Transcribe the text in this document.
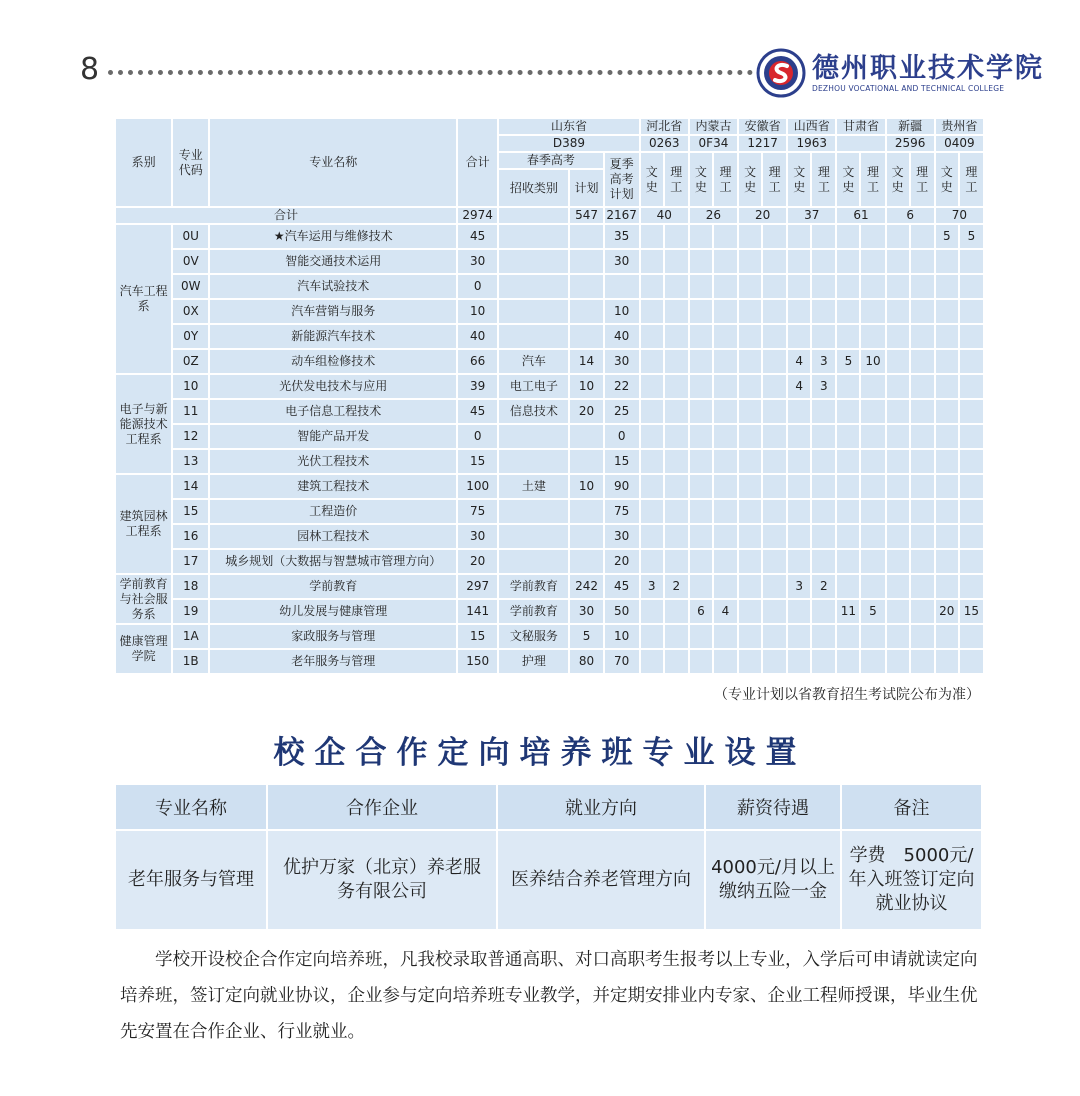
8	德州职业技术学院
DEZHOU VOCATIONAL AND TECHNICAL COLLEGE
系别	专业代码	专业名称	合计	山东省			河北省		内蒙古		安徽省		山西省		甘肃省		新疆		贵州省	
				D389			0263		0F34		1217		1963				2596		0409	
				春季高考		夏季高考计划	文史	理工	文史	理工	文史	理工	文史	理工	文史	理工	文史	理工	文史	理工
				招收类别	计划															
合计			2974		547	2167	40		26		20		37		61		6		70	
汽车工程系	0U	★汽车运用与维修技术	45			35													5	5
	0V	智能交通技术运用	30			30														
	0W	汽车试验技术	0																	
	0X	汽车营销与服务	10			10														
	0Y	新能源汽车技术	40			40														
	0Z	动车组检修技术	66	汽车	14	30							4	3	5	10				
电子与新能源技术工程系	10	光伏发电技术与应用	39	电工电子	10	22							4	3						
	11	电子信息工程技术	45	信息技术	20	25														
	12	智能产品开发	0			0														
	13	光伏工程技术	15			15														
建筑园林工程系	14	建筑工程技术	100	土建	10	90														
	15	工程造价	75			75														
	16	园林工程技术	30			30														
	17	城乡规划（大数据与智慧城市管理方向）	20			20														
学前教育与社会服务系	18	学前教育	297	学前教育	242	45	3	2					3	2						
	19	幼儿发展与健康管理	141	学前教育	30	50			6	4					11	5			20	15
健康管理学院	1A	家政服务与管理	15	文秘服务	5	10														
	1B	老年服务与管理	150	护理	80	70														
（专业计划以省教育招生考试院公布为准）
校企合作定向培养班专业设置
专业名称	合作企业	就业方向	薪资待遇	备注
老年服务与管理	优护万家（北京）养老服务有限公司	医养结合养老管理方向	4000元/月以上缴纳五险一金	学费　5000元/年入班签订定向就业协议

学校开设校企合作定向培养班，凡我校录取普通高职、对口高职考生报考以上专业，入学后可申请就读定向培养班，签订定向就业协议，企业参与定向培养班专业教学，并定期安排业内专家、企业工程师授课，毕业生优先安置在合作企业、行业就业。
